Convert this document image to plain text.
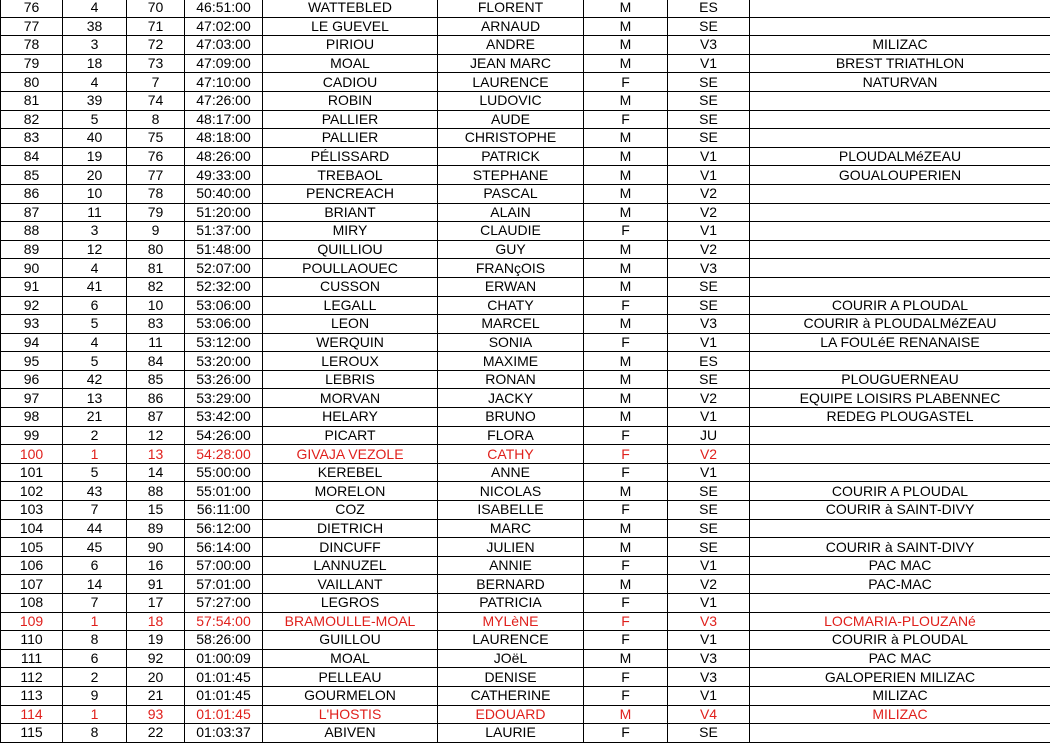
76	4	70	46:51:00	WATTEBLED	FLORENT	M	ES	
77	38	71	47:02:00	LE GUEVEL	ARNAUD	M	SE	
78	3	72	47:03:00	PIRIOU	ANDRE	M	V3	MILIZAC
79	18	73	47:09:00	MOAL	JEAN MARC	M	V1	BREST TRIATHLON
80	4	7	47:10:00	CADIOU	LAURENCE	F	SE	NATURVAN
81	39	74	47:26:00	ROBIN	LUDOVIC	M	SE	
82	5	8	48:17:00	PALLIER	AUDE	F	SE	
83	40	75	48:18:00	PALLIER	CHRISTOPHE	M	SE	
84	19	76	48:26:00	PÉLISSARD	PATRICK	M	V1	PLOUDALMéZEAU
85	20	77	49:33:00	TREBAOL	STEPHANE	M	V1	GOUALOUPERIEN
86	10	78	50:40:00	PENCREACH	PASCAL	M	V2	
87	11	79	51:20:00	BRIANT	ALAIN	M	V2	
88	3	9	51:37:00	MIRY	CLAUDIE	F	V1	
89	12	80	51:48:00	QUILLIOU	GUY	M	V2	
90	4	81	52:07:00	POULLAOUEC	FRANçOIS	M	V3	
91	41	82	52:32:00	CUSSON	ERWAN	M	SE	
92	6	10	53:06:00	LEGALL	CHATY	F	SE	COURIR A PLOUDAL
93	5	83	53:06:00	LEON	MARCEL	M	V3	COURIR à PLOUDALMéZEAU
94	4	11	53:12:00	WERQUIN	SONIA	F	V1	LA FOULéE RENANAISE
95	5	84	53:20:00	LEROUX	MAXIME	M	ES	
96	42	85	53:26:00	LEBRIS	RONAN	M	SE	PLOUGUERNEAU
97	13	86	53:29:00	MORVAN	JACKY	M	V2	EQUIPE LOISIRS PLABENNEC
98	21	87	53:42:00	HELARY	BRUNO	M	V1	REDEG PLOUGASTEL
99	2	12	54:26:00	PICART	FLORA	F	JU	
100	1	13	54:28:00	GIVAJA VEZOLE	CATHY	F	V2	
101	5	14	55:00:00	KEREBEL	ANNE	F	V1	
102	43	88	55:01:00	MORELON	NICOLAS	M	SE	COURIR A PLOUDAL
103	7	15	56:11:00	COZ	ISABELLE	F	SE	COURIR à SAINT-DIVY
104	44	89	56:12:00	DIETRICH	MARC	M	SE	
105	45	90	56:14:00	DINCUFF	JULIEN	M	SE	COURIR à SAINT-DIVY
106	6	16	57:00:00	LANNUZEL	ANNIE	F	V1	PAC MAC
107	14	91	57:01:00	VAILLANT	BERNARD	M	V2	PAC-MAC
108	7	17	57:27:00	LEGROS	PATRICIA	F	V1	
109	1	18	57:54:00	BRAMOULLE-MOAL	MYLèNE	F	V3	LOCMARIA-PLOUZANé
110	8	19	58:26:00	GUILLOU	LAURENCE	F	V1	COURIR à PLOUDAL
111	6	92	01:00:09	MOAL	JOëL	M	V3	PAC MAC
112	2	20	01:01:45	PELLEAU	DENISE	F	V3	GALOPERIEN MILIZAC
113	9	21	01:01:45	GOURMELON	CATHERINE	F	V1	MILIZAC
114	1	93	01:01:45	L'HOSTIS	EDOUARD	M	V4	MILIZAC
115	8	22	01:03:37	ABIVEN	LAURIE	F	SE	
